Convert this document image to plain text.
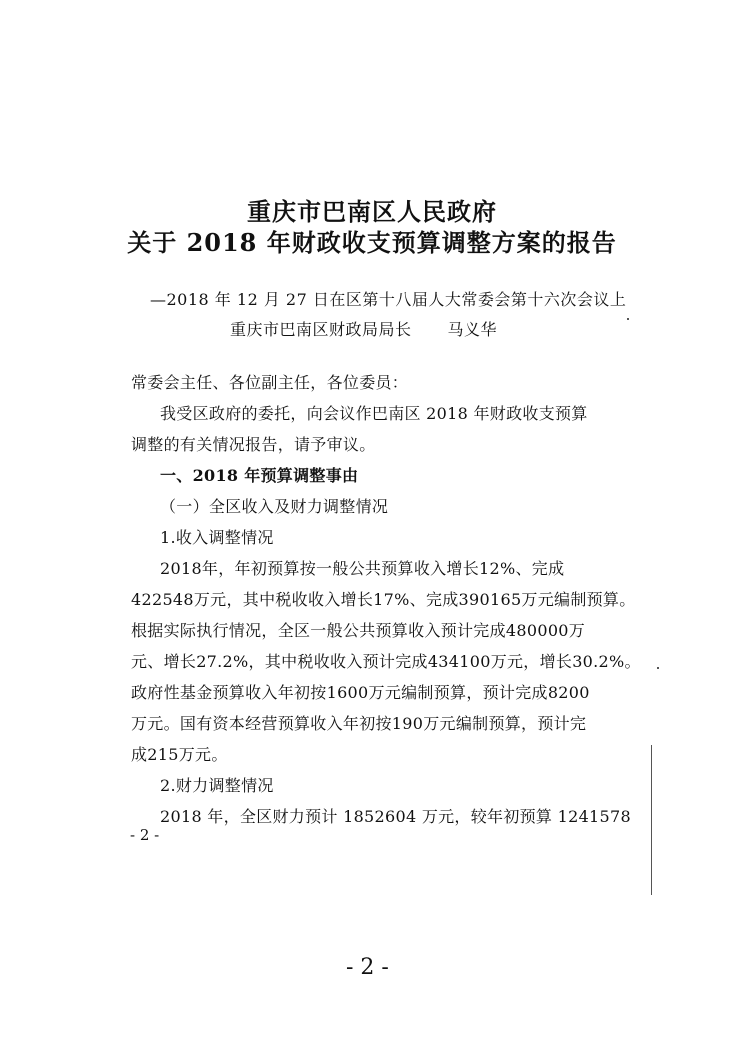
重庆市巴南区人民政府
关于 2018 年财政收支预算调整方案的报告
—2018 年 12 月 27 日在区第十八届人大常委会第十六次会议上
重庆市巴南区财政局局长 马义华
常委会主任、各位副主任，各位委员：
我受区政府的委托，向会议作巴南区 2018 年财政收支预算
调整的有关情况报告，请予审议。
一、2018 年预算调整事由
（一）全区收入及财力调整情况
1.收入调整情况
2018年，年初预算按一般公共预算收入增长12%、完成
422548万元，其中税收收入增长17%、完成390165万元编制预算。
根据实际执行情况，全区一般公共预算收入预计完成480000万
元、增长27.2%，其中税收收入预计完成434100万元，增长30.2%。
政府性基金预算收入年初按1600万元编制预算，预计完成8200
万元。国有资本经营预算收入年初按190万元编制预算，预计完
成215万元。
2.财力调整情况
2018 年，全区财力预计 1852604 万元，较年初预算 1241578
- 2 -
- 2 -
